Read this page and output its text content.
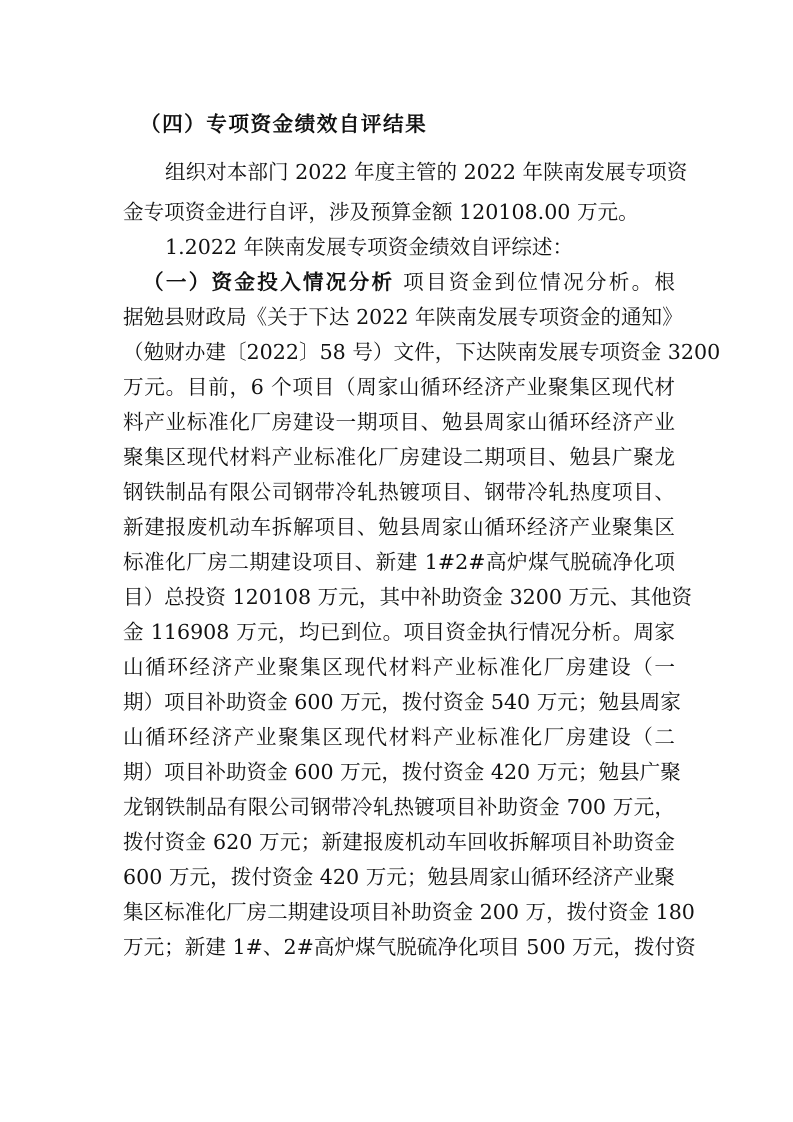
（四）专项资金绩效自评结果
组织对本部门 2022 年度主管的 2022 年陕南发展专项资
金专项资金进行自评，涉及预算金额 120108.00 万元。
1.2022 年陕南发展专项资金绩效自评综述：
（一）资金投入情况分析 项目资金到位情况分析。根
据勉县财政局《关于下达 2022 年陕南发展专项资金的通知》
（勉财办建〔2022〕58 号）文件，下达陕南发展专项资金 3200
万元。目前，6 个项目（周家山循环经济产业聚集区现代材
料产业标准化厂房建设一期项目、勉县周家山循环经济产业
聚集区现代材料产业标准化厂房建设二期项目、勉县广聚龙
钢铁制品有限公司钢带冷轧热镀项目、钢带冷轧热度项目、
新建报废机动车拆解项目、勉县周家山循环经济产业聚集区
标准化厂房二期建设项目、新建 1#2#高炉煤气脱硫净化项
目）总投资 120108 万元，其中补助资金 3200 万元、其他资
金 116908 万元，均已到位。项目资金执行情况分析。周家
山循环经济产业聚集区现代材料产业标准化厂房建设（一
期）项目补助资金 600 万元，拨付资金 540 万元；勉县周家
山循环经济产业聚集区现代材料产业标准化厂房建设（二
期）项目补助资金 600 万元，拨付资金 420 万元；勉县广聚
龙钢铁制品有限公司钢带冷轧热镀项目补助资金 700 万元，
拨付资金 620 万元；新建报废机动车回收拆解项目补助资金
600 万元，拨付资金 420 万元；勉县周家山循环经济产业聚
集区标准化厂房二期建设项目补助资金 200 万，拨付资金 180
万元；新建 1#、2#高炉煤气脱硫净化项目 500 万元，拨付资
